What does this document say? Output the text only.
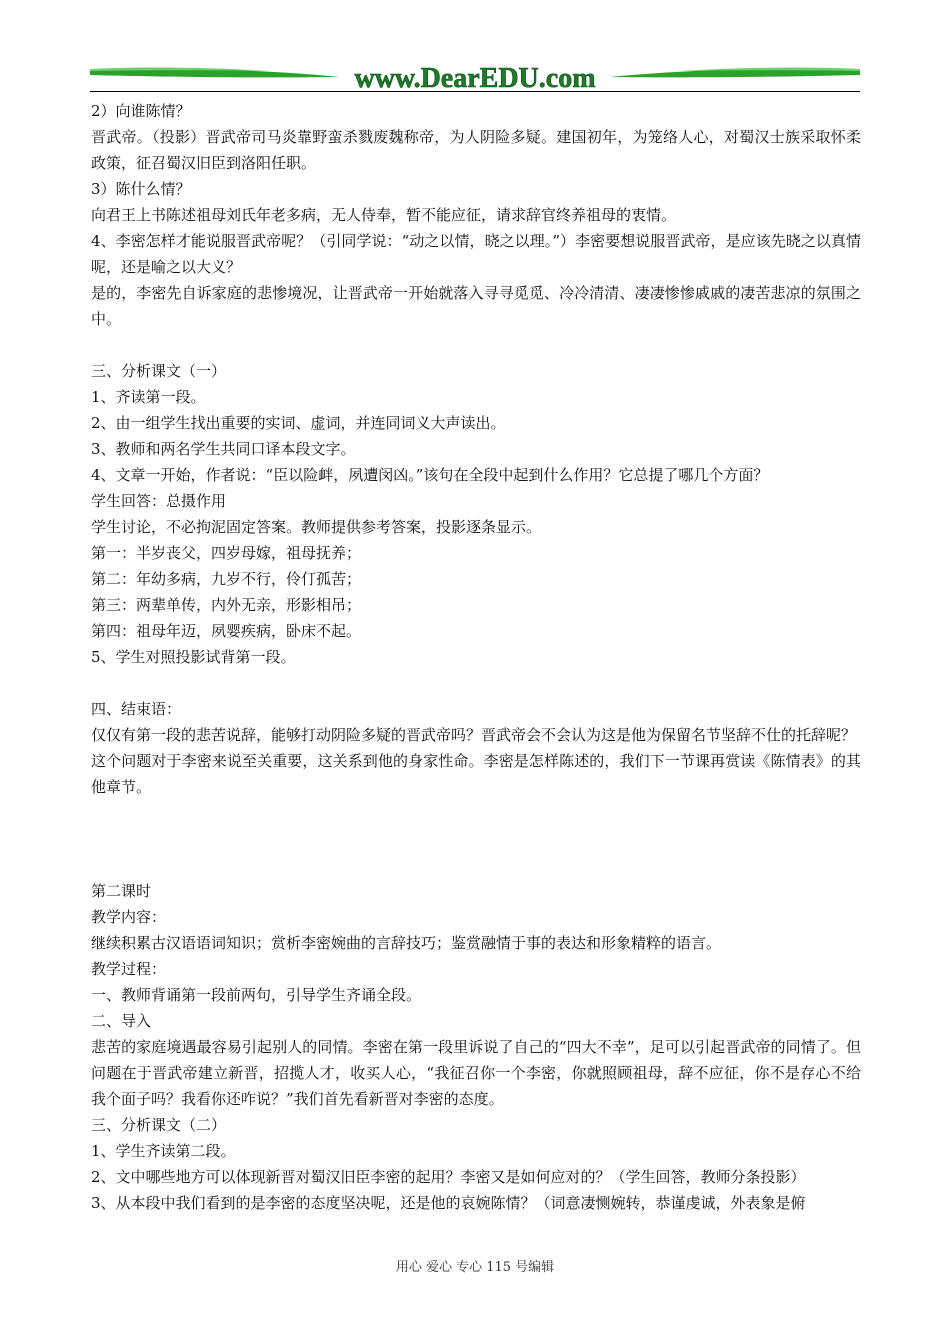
www.DearEDU.com

2）向谁陈情？

晋武帝。（投影）晋武帝司马炎靠野蛮杀戮废魏称帝，为人阴险多疑。建国初年，为笼络人心，对蜀汉士族采取怀柔政策，征召蜀汉旧臣到洛阳任职。

3）陈什么情？

向君王上书陈述祖母刘氏年老多病，无人侍奉，暂不能应征，请求辞官终养祖母的衷情。

4、李密怎样才能说服晋武帝呢？（引同学说：“动之以情，晓之以理。”）李密要想说服晋武帝，是应该先晓之以真情呢，还是喻之以大义？

是的，李密先自诉家庭的悲惨境况，让晋武帝一开始就落入寻寻觅觅、冷冷清清、凄凄惨惨戚戚的凄苦悲凉的氛围之中。

三、分析课文（一）

1、齐读第一段。

2、由一组学生找出重要的实词、虚词，并连同词义大声读出。

3、教师和两名学生共同口译本段文字。

4、文章一开始，作者说：“臣以险衅，夙遭闵凶。”该句在全段中起到什么作用？它总提了哪几个方面？

学生回答：总摄作用

学生讨论，不必拘泥固定答案。教师提供参考答案，投影逐条显示。

第一：半岁丧父，四岁母嫁，祖母抚养；

第二：年幼多病，九岁不行，伶仃孤苦；

第三：两辈单传，内外无亲，形影相吊；

第四：祖母年迈，夙婴疾病，卧床不起。

5、学生对照投影试背第一段。

四、结束语：

仅仅有第一段的悲苦说辞，能够打动阴险多疑的晋武帝吗？晋武帝会不会认为这是他为保留名节坚辞不仕的托辞呢？

这个问题对于李密来说至关重要，这关系到他的身家性命。李密是怎样陈述的，我们下一节课再赏读《陈情表》的其他章节。

第二课时

教学内容：

继续积累古汉语语词知识；赏析李密婉曲的言辞技巧；鉴赏融情于事的表达和形象精粹的语言。

教学过程：

一、教师背诵第一段前两句，引导学生齐诵全段。

二、导入

悲苦的家庭境遇最容易引起别人的同情。李密在第一段里诉说了自己的“四大不幸”，足可以引起晋武帝的同情了。但问题在于晋武帝建立新晋，招揽人才，收买人心，“我征召你一个李密，你就照顾祖母，辞不应征，你不是存心不给我个面子吗？我看你还咋说？”我们首先看新晋对李密的态度。

三、分析课文（二）

1、学生齐读第二段。

2、文中哪些地方可以体现新晋对蜀汉旧臣李密的起用？李密又是如何应对的？（学生回答，教师分条投影）

3、从本段中我们看到的是李密的态度坚决呢，还是他的哀婉陈情？（词意凄恻婉转，恭谨虔诚，外表象是俯

用心 爱心 专心 115 号编辑
